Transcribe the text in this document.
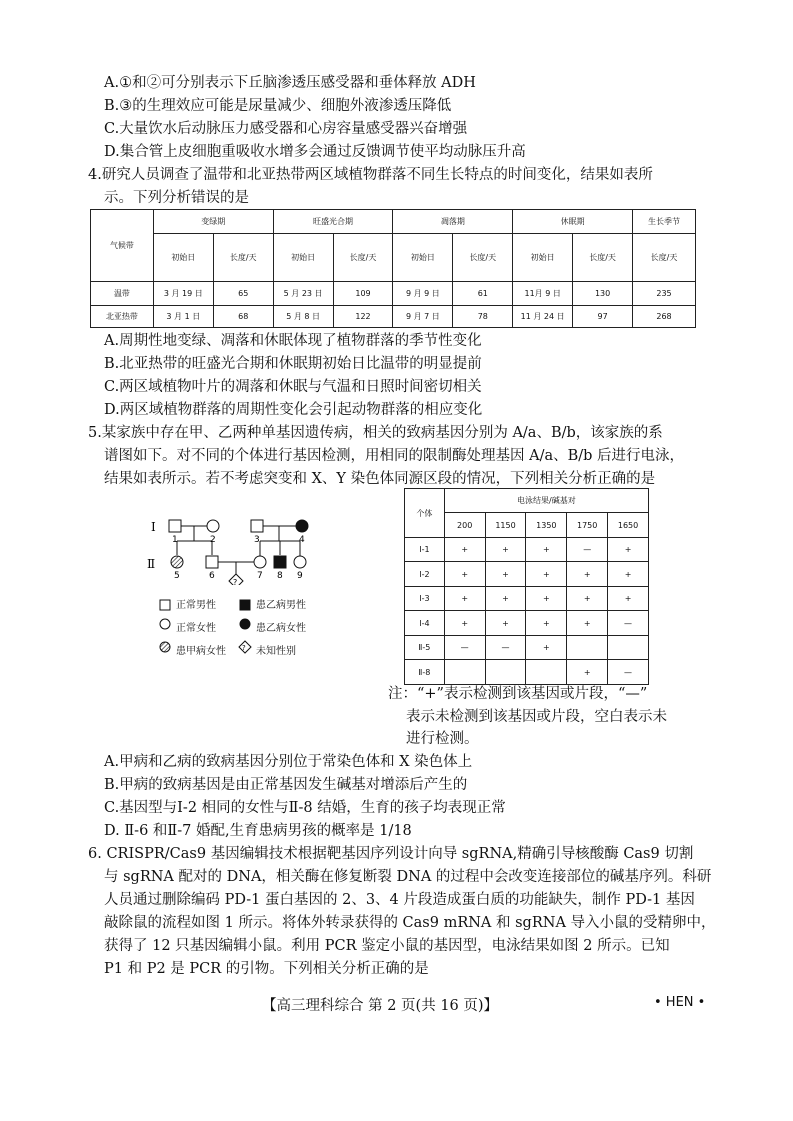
A.①和②可分别表示下丘脑渗透压感受器和垂体释放 ADH
B.③的生理效应可能是尿量减少、细胞外液渗透压降低
C.大量饮水后动脉压力感受器和心房容量感受器兴奋增强
D.集合管上皮细胞重吸收水增多会通过反馈调节使平均动脉压升高
4.研究人员调查了温带和北亚热带两区域植物群落不同生长特点的时间变化，结果如表所
示。下列分析错误的是
气候带	变绿期		旺盛光合期		凋落期		休眠期		生长季节
	初始日	长度/天	初始日	长度/天	初始日	长度/天	初始日	长度/天	长度/天
温带	3 月 19 日	65	5 月 23 日	109	9 月 9 日	61	11月 9 日	130	235
北亚热带	3 月 1 日	68	5 月 8 日	122	9 月 7 日	78	11 月 24 日	97	268
A.周期性地变绿、凋落和休眠体现了植物群落的季节性变化
B.北亚热带的旺盛光合期和休眠期初始日比温带的明显提前
C.两区域植物叶片的凋落和休眠与气温和日照时间密切相关
D.两区域植物群落的周期性变化会引起动物群落的相应变化
5.某家族中存在甲、乙两种单基因遗传病，相关的致病基因分别为 A/a、B/b，该家族的系
谱图如下。对不同的个体进行基因检测，用相同的限制酶处理基因 A/a、B/b 后进行电泳，
结果如表所示。若不考虑突变和 X、Y 染色体同源区段的情况，下列相关分析正确的是
I
Ⅱ
?
1	2	3	4
5	6	7 8 9
?
正常男性	患乙病男性
正常女性	患乙病女性
患甲病女性	未知性别
个体	电泳结果/碱基对				
	200	1150	1350	1750	1650
Ⅰ-1	+	+	+	—	+
Ⅰ-2	+	+	+	+	+
Ⅰ-3	+	+	+	+	+
Ⅰ-4	+	+	+	+	—
Ⅱ-5	—	—	+		
Ⅱ-8				+	—
注：“+”表示检测到该基因或片段，“—”
表示未检测到该基因或片段，空白表示未
进行检测。
A.甲病和乙病的致病基因分别位于常染色体和 X 染色体上
B.甲病的致病基因是由正常基因发生碱基对增添后产生的
C.基因型与Ⅰ-2 相同的女性与Ⅱ-8 结婚，生育的孩子均表现正常
D. Ⅱ-6 和Ⅱ-7 婚配,生育患病男孩的概率是 1/18
6. CRISPR/Cas9 基因编辑技术根据靶基因序列设计向导 sgRNA,精确引导核酸酶 Cas9 切割
与 sgRNA 配对的 DNA，相关酶在修复断裂 DNA 的过程中会改变连接部位的碱基序列。科研
人员通过删除编码 PD-1 蛋白基因的 2、3、4 片段造成蛋白质的功能缺失，制作 PD-1 基因
敲除鼠的流程如图 1 所示。将体外转录获得的 Cas9 mRNA 和 sgRNA 导入小鼠的受精卵中，
获得了 12 只基因编辑小鼠。利用 PCR 鉴定小鼠的基因型，电泳结果如图 2 所示。已知
P1 和 P2 是 PCR 的引物。下列相关分析正确的是
【高三理科综合 第 2 页(共 16 页)】	• HEN •
